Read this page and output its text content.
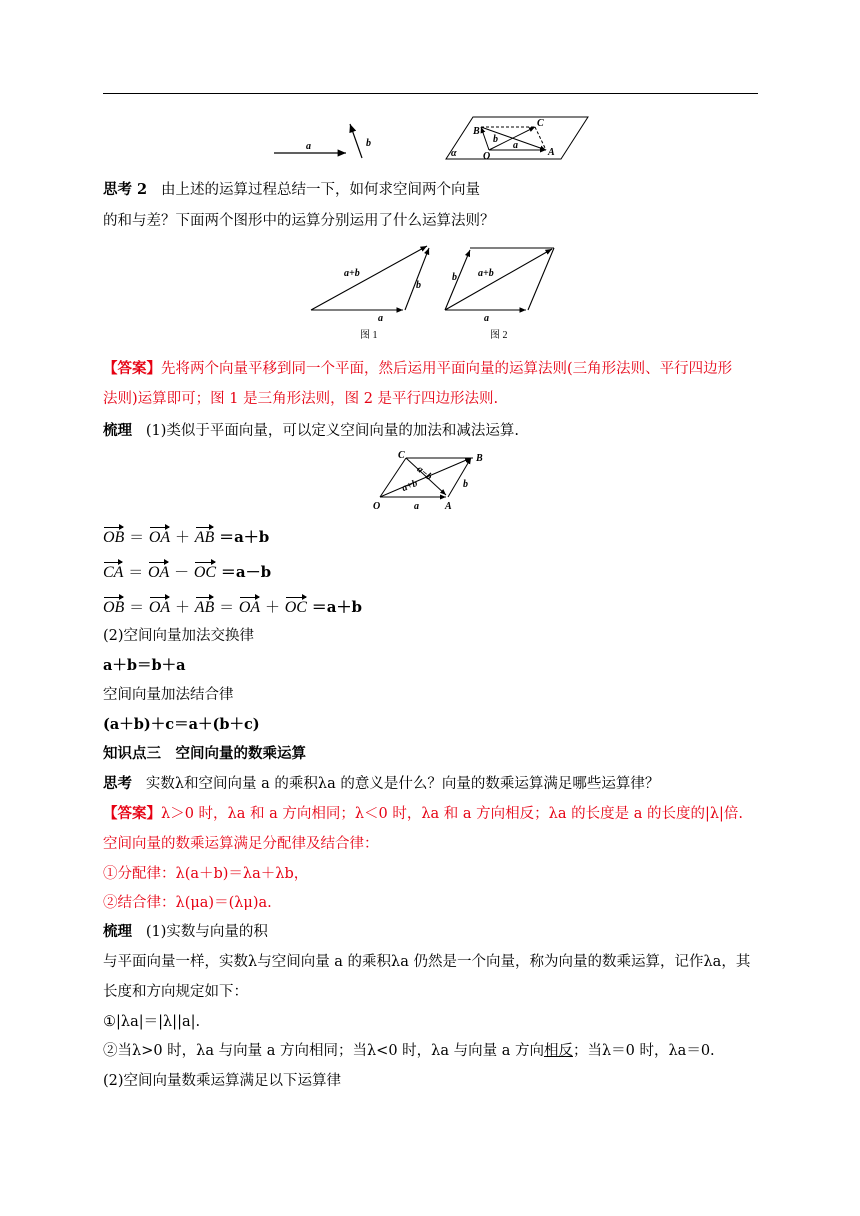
a	b
B
C
O	A
b
a
α
思考 2 由上述的运算过程总结一下，如何求空间两个向量
的和与差？下面两个图形中的运算分别运用了什么运算法则？
a+b
b
a
图 1
b a+b
a
图 2
【答案】先将两个向量平移到同一个平面，然后运用平面向量的运算法则(三角形法则、平行四边形
法则)运算即可；图 1 是三角形法则，图 2 是平行四边形法则.
梳理 (1)类似于平面向量，可以定义空间向量的加法和减法运算.
C	B
O	A
a
b
a−b
a+b
OB ＝ OA ＋ AB ＝a＋b
CA ＝ OA － OC ＝a－b
OB ＝ OA ＋ AB ＝ OA ＋ OC ＝a＋b
(2)空间向量加法交换律
a＋b＝b＋a
空间向量加法结合律
(a＋b)＋c＝a＋(b＋c)
知识点三　空间向量的数乘运算
思考 实数λ和空间向量 a 的乘积λa 的意义是什么？向量的数乘运算满足哪些运算律？
【答案】λ＞0 时，λa 和 a 方向相同；λ＜0 时，λa 和 a 方向相反；λa 的长度是 a 的长度的|λ|倍.
空间向量的数乘运算满足分配律及结合律：
①分配律：λ(a＋b)＝λa＋λb，
②结合律：λ(μa)＝(λμ)a.
梳理 (1)实数与向量的积
与平面向量一样，实数λ与空间向量 a 的乘积λa 仍然是一个向量，称为向量的数乘运算，记作λa，其
长度和方向规定如下：
①|λa|＝|λ||a|.
②当λ>0 时，λa 与向量 a 方向相同；当λ<0 时，λa 与向量 a 方向相反；当λ＝0 时，λa＝0.
(2)空间向量数乘运算满足以下运算律
